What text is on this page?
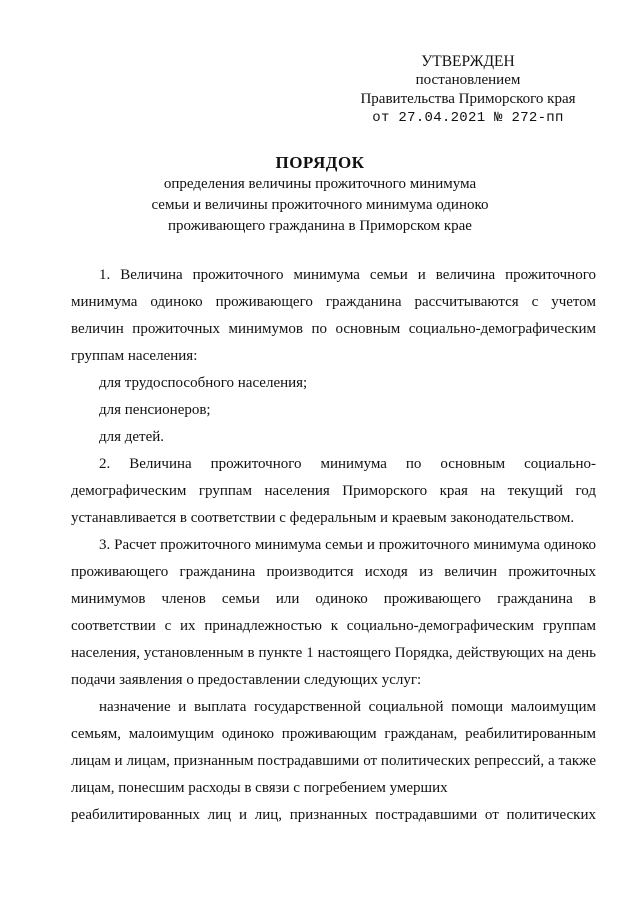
УТВЕРЖДЕН
постановлением
Правительства Приморского края
от 27.04.2021 № 272-пп
ПОРЯДОК
определения величины прожиточного минимума
семьи и величины прожиточного минимума одиноко
проживающего гражданина в Приморском крае

1. Величина прожиточного минимума семьи и величина прожиточного минимума одиноко проживающего гражданина рассчитываются с учетом величин прожиточных минимумов по основным социально-демографическим группам населения:

для трудоспособного населения;

для пенсионеров;

для детей.

2. Величина прожиточного минимума по основным социально-демографическим группам населения Приморского края на текущий год устанавливается в соответствии с федеральным и краевым законодательством.

3. Расчет прожиточного минимума семьи и прожиточного минимума одиноко проживающего гражданина производится исходя из величин прожиточных минимумов членов семьи или одиноко проживающего гражданина в соответствии с их принадлежностью к социально-демографическим группам населения, установленным в пункте 1 настоящего Порядка, действующих на день подачи заявления о предоставлении следующих услуг:

назначение и выплата государственной социальной помощи малоимущим семьям, малоимущим одиноко проживающим гражданам, реабилитированным лицам и лицам, признанным пострадавшими от политических репрессий, а также лицам, понесшим расходы в связи с погребением умерших

реабилитированных лиц и лиц, признанных пострадавшими от политических
